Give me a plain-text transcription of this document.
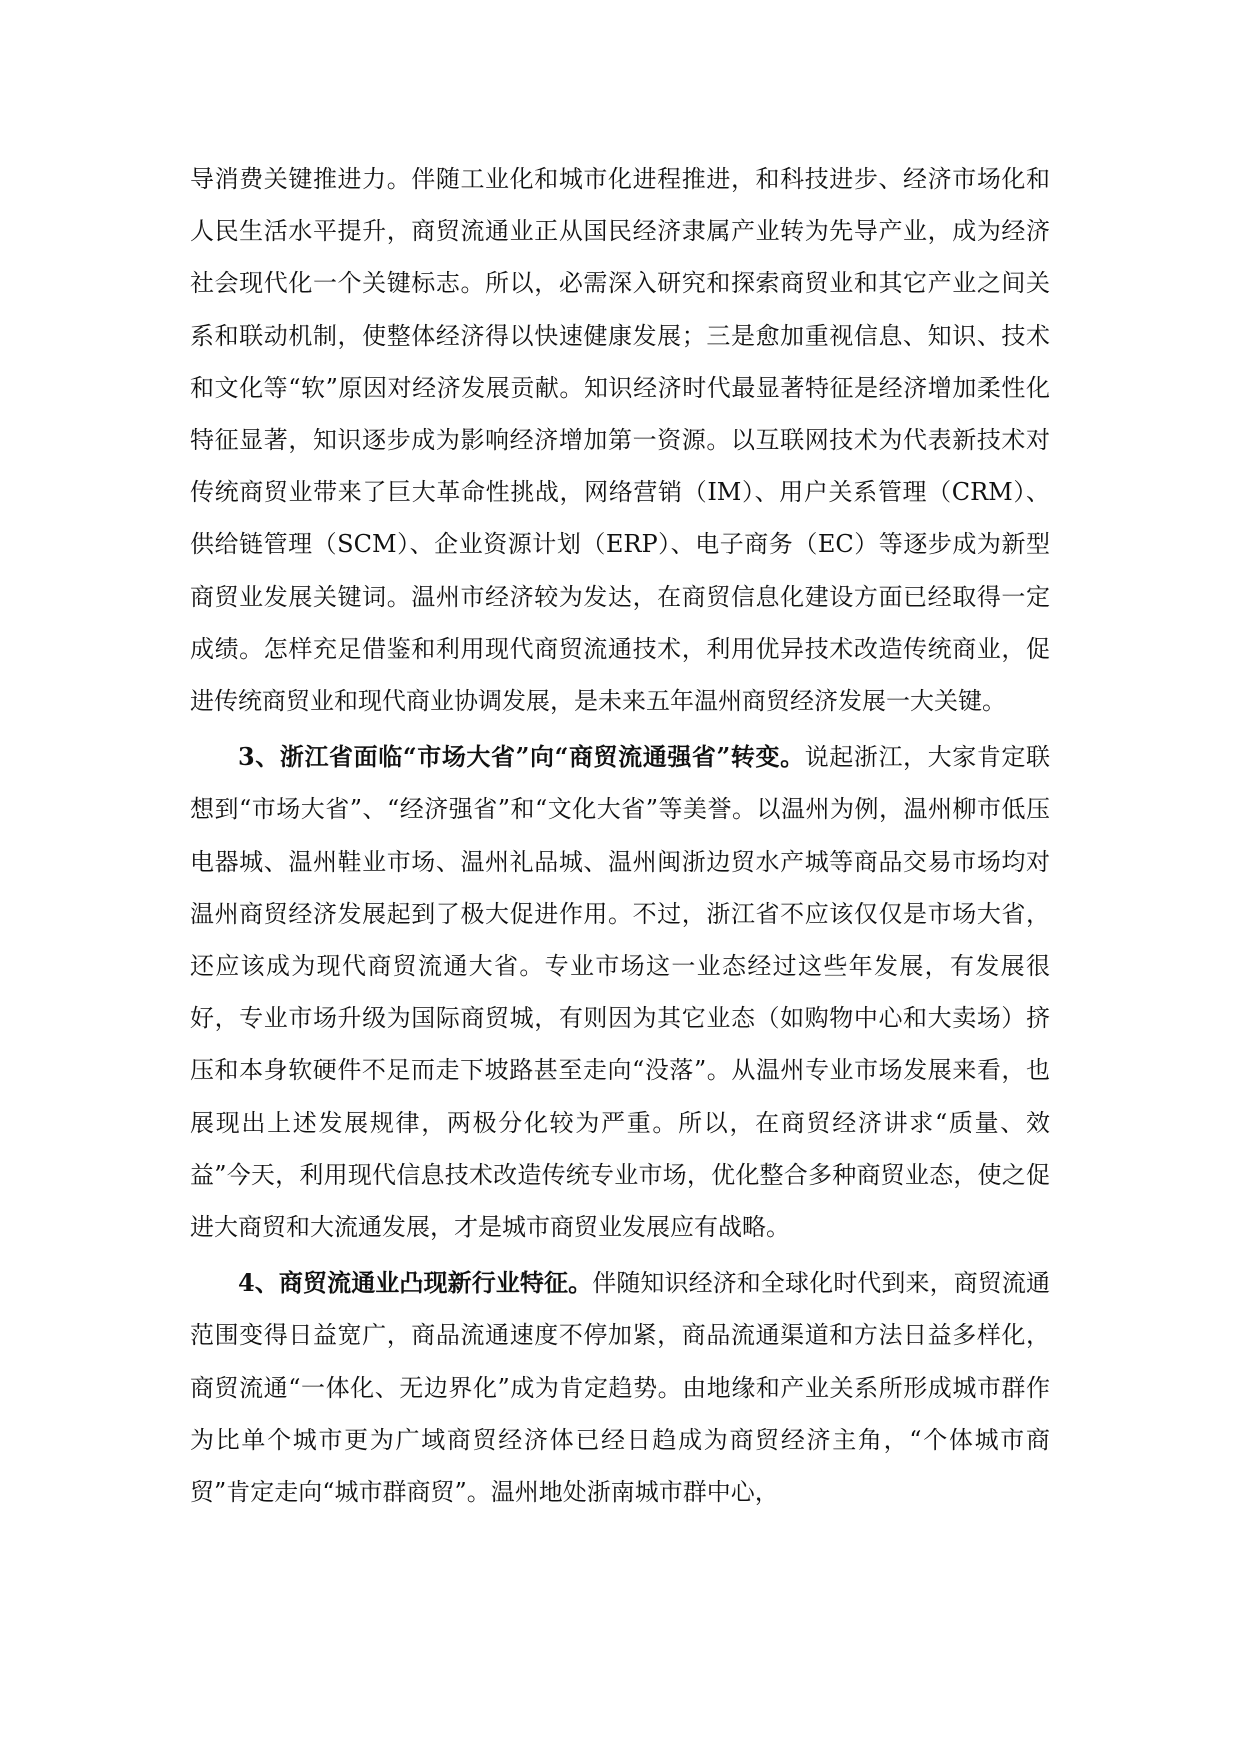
导消费关键推进力。伴随工业化和城市化进程推进，和科技进步、经济市场化和人民生活水平提升，商贸流通业正从国民经济隶属产业转为先导产业，成为经济社会现代化一个关键标志。所以，必需深入研究和探索商贸业和其它产业之间关系和联动机制，使整体经济得以快速健康发展；三是愈加重视信息、知识、技术和文化等“软”原因对经济发展贡献。知识经济时代最显著特征是经济增加柔性化特征显著，知识逐步成为影响经济增加第一资源。以互联网技术为代表新技术对传统商贸业带来了巨大革命性挑战，网络营销（IM）、用户关系管理（CRM）、供给链管理（SCM）、企业资源计划（ERP）、电子商务（EC）等逐步成为新型商贸业发展关键词。温州市经济较为发达，在商贸信息化建设方面已经取得一定成绩。怎样充足借鉴和利用现代商贸流通技术，利用优异技术改造传统商业，促进传统商贸业和现代商业协调发展，是未来五年温州商贸经济发展一大关键。

3、浙江省面临“市场大省”向“商贸流通强省”转变。说起浙江，大家肯定联想到“市场大省”、“经济强省”和“文化大省”等美誉。以温州为例，温州柳市低压电器城、温州鞋业市场、温州礼品城、温州闽浙边贸水产城等商品交易市场均对温州商贸经济发展起到了极大促进作用。不过，浙江省不应该仅仅是市场大省，还应该成为现代商贸流通大省。专业市场这一业态经过这些年发展，有发展很好，专业市场升级为国际商贸城，有则因为其它业态（如购物中心和大卖场）挤压和本身软硬件不足而走下坡路甚至走向“没落”。从温州专业市场发展来看，也展现出上述发展规律，两极分化较为严重。所以，在商贸经济讲求“质量、效益”今天，利用现代信息技术改造传统专业市场，优化整合多种商贸业态，使之促进大商贸和大流通发展，才是城市商贸业发展应有战略。

4、商贸流通业凸现新行业特征。伴随知识经济和全球化时代到来，商贸流通范围变得日益宽广，商品流通速度不停加紧，商品流通渠道和方法日益多样化，商贸流通“一体化、无边界化”成为肯定趋势。由地缘和产业关系所形成城市群作为比单个城市更为广域商贸经济体已经日趋成为商贸经济主角，“个体城市商贸”肯定走向“城市群商贸”。温州地处浙南城市群中心，
